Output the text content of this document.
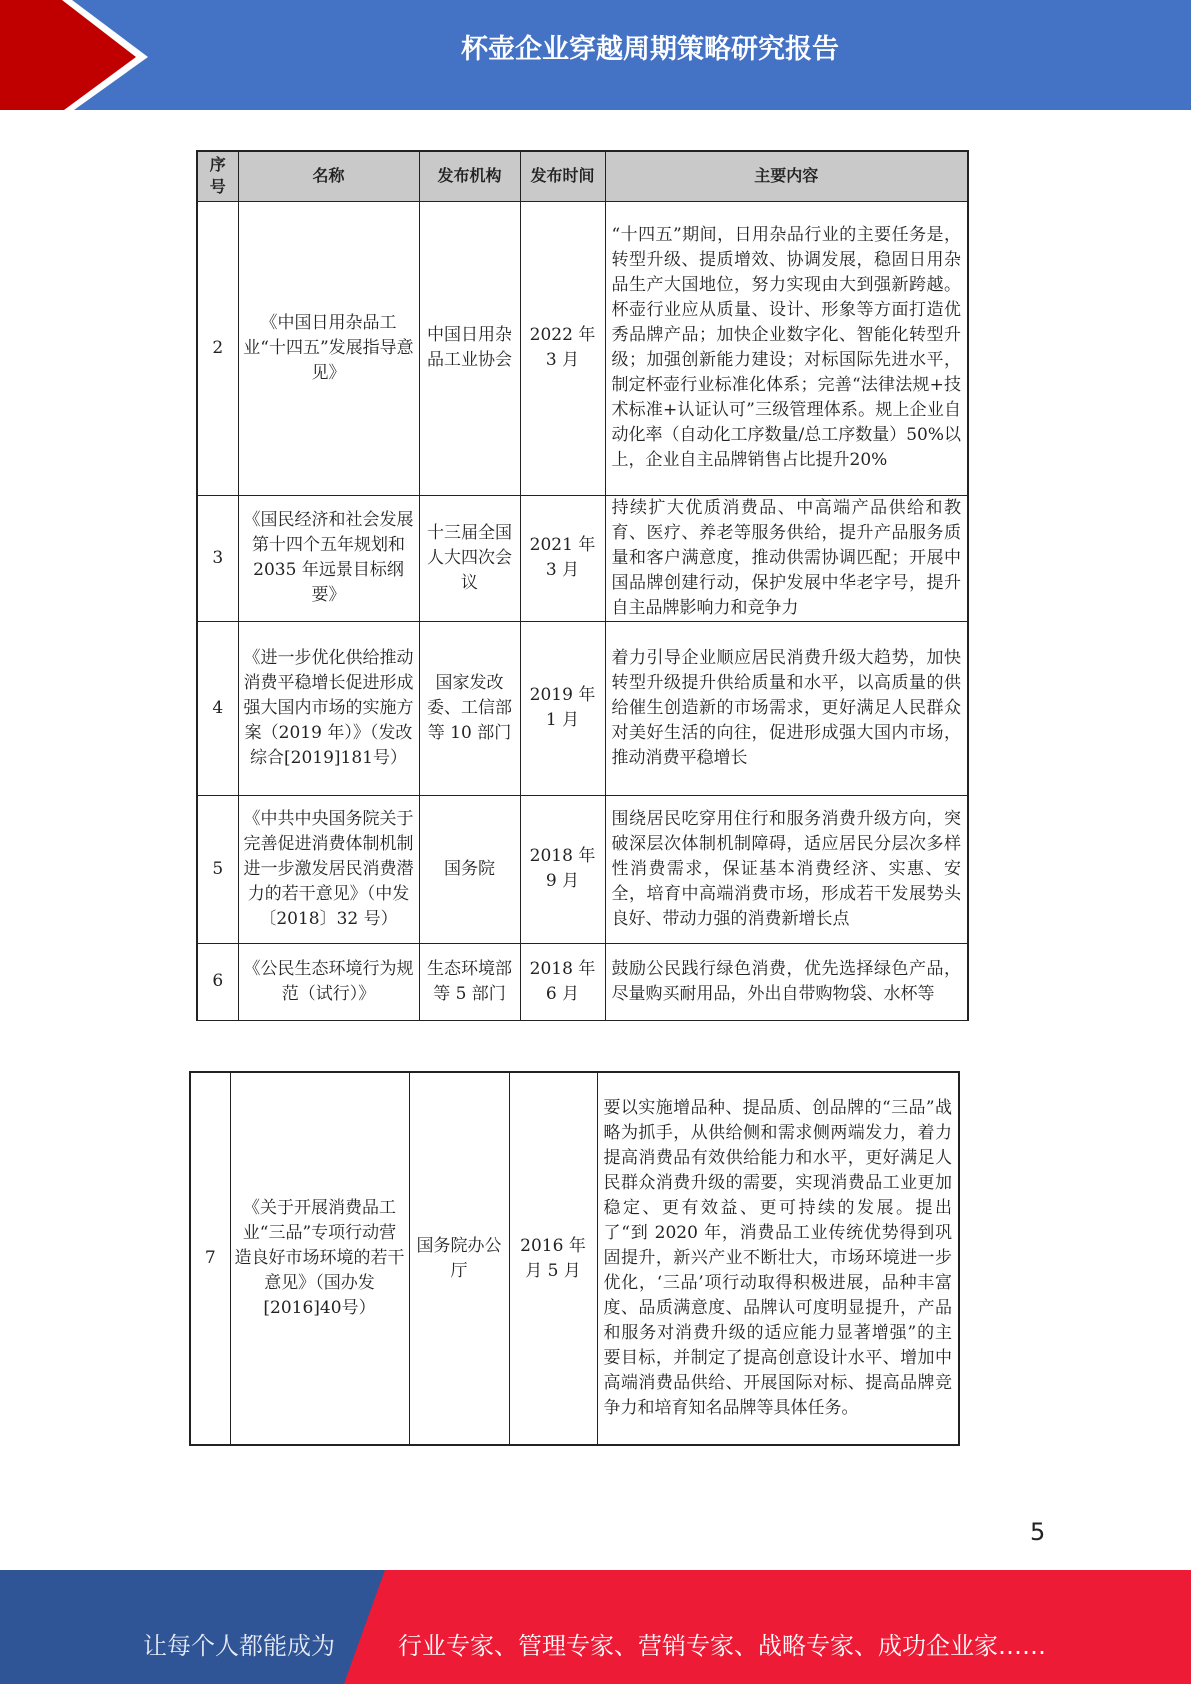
杯壶企业穿越周期策略研究报告
序号	名称	发布机构	发布时间	主要内容
2	《中国日用杂品工业“十四五”发展指导意见》	中国日用杂品工业协会	2022 年 3 月	“十四五”期间，日用杂品行业的主要任务是，转型升级、提质增效、协调发展，稳固日用杂品生产大国地位，努力实现由大到强新跨越。杯壶行业应从质量、设计、形象等方面打造优秀品牌产品；加快企业数字化、智能化转型升级；加强创新能力建设；对标国际先进水平，制定杯壶行业标准化体系；完善“法律法规+技术标准+认证认可”三级管理体系。规上企业自动化率（自动化工序数量/总工序数量）50%以上，企业自主品牌销售占比提升20%
3	《国民经济和社会发展第十四个五年规划和 2035 年远景目标纲要》	十三届全国人大四次会议	2021 年 3 月	持续扩大优质消费品、中高端产品供给和教育、医疗、养老等服务供给，提升产品服务质量和客户满意度，推动供需协调匹配；开展中国品牌创建行动，保护发展中华老字号，提升自主品牌影响力和竞争力
4	《进一步优化供给推动消费平稳增长促进形成强大国内市场的实施方案（2019 年）》（发改综合[2019]181号）	国家发改委、工信部等 10 部门	2019 年 1 月	着力引导企业顺应居民消费升级大趋势，加快转型升级提升供给质量和水平，以高质量的供给催生创造新的市场需求，更好满足人民群众对美好生活的向往，促进形成强大国内市场，推动消费平稳增长
5	《中共中央国务院关于完善促进消费体制机制进一步激发居民消费潜力的若干意见》（中发〔2018〕32 号）	国务院	2018 年 9 月	围绕居民吃穿用住行和服务消费升级方向，突破深层次体制机制障碍，适应居民分层次多样性消费需求，保证基本消费经济、实惠、安全，培育中高端消费市场，形成若干发展势头良好、带动力强的消费新增长点
6	《公民生态环境行为规范（试行）》	生态环境部等 5 部门	2018 年 6 月	鼓励公民践行绿色消费，优先选择绿色产品，尽量购买耐用品，外出自带购物袋、水杯等
7	《关于开展消费品工业“三品”专项行动营造良好市场环境的若干意见》（国办发[2016]40号）	国务院办公厅	2016 年月 5 月	要以实施增品种、提品质、创品牌的“三品”战略为抓手，从供给侧和需求侧两端发力，着力提高消费品有效供给能力和水平，更好满足人民群众消费升级的需要，实现消费品工业更加稳定、更有效益、更可持续的发展。提出了“到 2020 年，消费品工业传统优势得到巩固提升，新兴产业不断壮大，市场环境进一步优化，‘三品’项行动取得积极进展，品种丰富度、品质满意度、品牌认可度明显提升，产品和服务对消费升级的适应能力显著增强”的主要目标，并制定了提高创意设计水平、增加中高端消费品供给、开展国际对标、提高品牌竞争力和培育知名品牌等具体任务。
5
让每个人都能成为	行业专家、管理专家、营销专家、战略专家、成功企业家……
